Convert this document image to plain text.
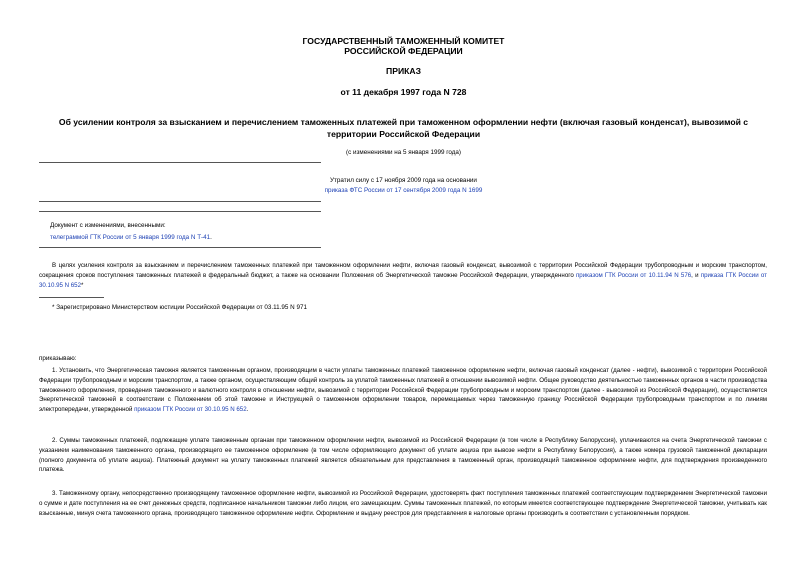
ГОСУДАРСТВЕННЫЙ ТАМОЖЕННЫЙ КОМИТЕТ
РОССИЙСКОЙ ФЕДЕРАЦИИ
ПРИКАЗ
от 11 декабря 1997 года N 728
Об усилении контроля за взысканием и перечислением таможенных платежей при таможенном оформлении нефти (включая газовый конденсат), вывозимой с территории Российской Федерации
(с изменениями на 5 января 1999 года)
Утратил силу с 17 ноября 2009 года на основании
приказа ФТС России от 17 сентября 2009 года N 1699
Документ с изменениями, внесенными:
телеграммой ГТК России от 5 января 1999 года N Т-41.
В целях усиления контроля за взысканием и перечислением таможенных платежей при таможенном оформлении нефти, включая газовый конденсат, вывозимой с территории Российской Федерации трубопроводным и морским транспортом, сокращения сроков поступления таможенных платежей в федеральный бюджет, а также на основании Положения об Энергетической таможне Российской Федерации, утвержденного приказом ГТК России от 10.11.94 N 576, и приказа ГТК России от 30.10.95 N 652*
* Зарегистрировано Министерством юстиции Российской Федерации от 03.11.95 N 971
приказываю:
1. Установить, что Энергетическая таможня является таможенным органом, производящим в части уплаты таможенных платежей таможенное оформление нефти, включая газовый конденсат (далее - нефти), вывозимой с территории Российской Федерации трубопроводным и морским транспортом, а также органом, осуществляющим общий контроль за уплатой таможенных платежей в отношении вывозимой нефти. Общее руководство деятельностью таможенных органов в части производства таможенного оформления, проведения таможенного и валютного контроля в отношении нефти, вывозимой с территории Российской Федерации трубопроводным и морским транспортом (далее - вывозимой из Российской Федерации), осуществляется Энергетической таможней в соответствии с Положением об этой таможне и Инструкцией о таможенном оформлении товаров, перемещаемых через таможенную границу Российской Федерации трубопроводным транспортом и по линиям электропередачи, утвержденной приказом ГТК России от 30.10.95 N 652.
2. Суммы таможенных платежей, подлежащие уплате таможенным органам при таможенном оформлении нефти, вывозимой из Российской Федерации (в том числе в Республику Белоруссия), уплачиваются на счета Энергетической таможни с указанием наименования таможенного органа, производящего ее таможенное оформление (в том числе оформляющего документ об уплате акциза при вывозе нефти в Республику Белоруссия), а также номера грузовой таможенной декларации (полного документа об уплате акциза). Платежный документ на уплату таможенных платежей является обязательным для представления в таможенный орган, производящий таможенное оформление нефти, для подтверждения произведенного платежа.
3. Таможенному органу, непосредственно производящему таможенное оформление нефти, вывозимой из Российской Федерации, удостоверять факт поступления таможенных платежей соответствующим подтверждением Энергетической таможни о сумме и дате поступления на ее счет денежных средств, подписанное начальником таможни либо лицом, его замещающим. Суммы таможенных платежей, по которым имеется соответствующее подтверждение Энергетической таможни, учитывать как взысканные, минуя счета таможенного органа, производящего таможенное оформление нефти. Оформление и выдачу реестров для представления в налоговые органы производить в соответствии с установленным порядком.
